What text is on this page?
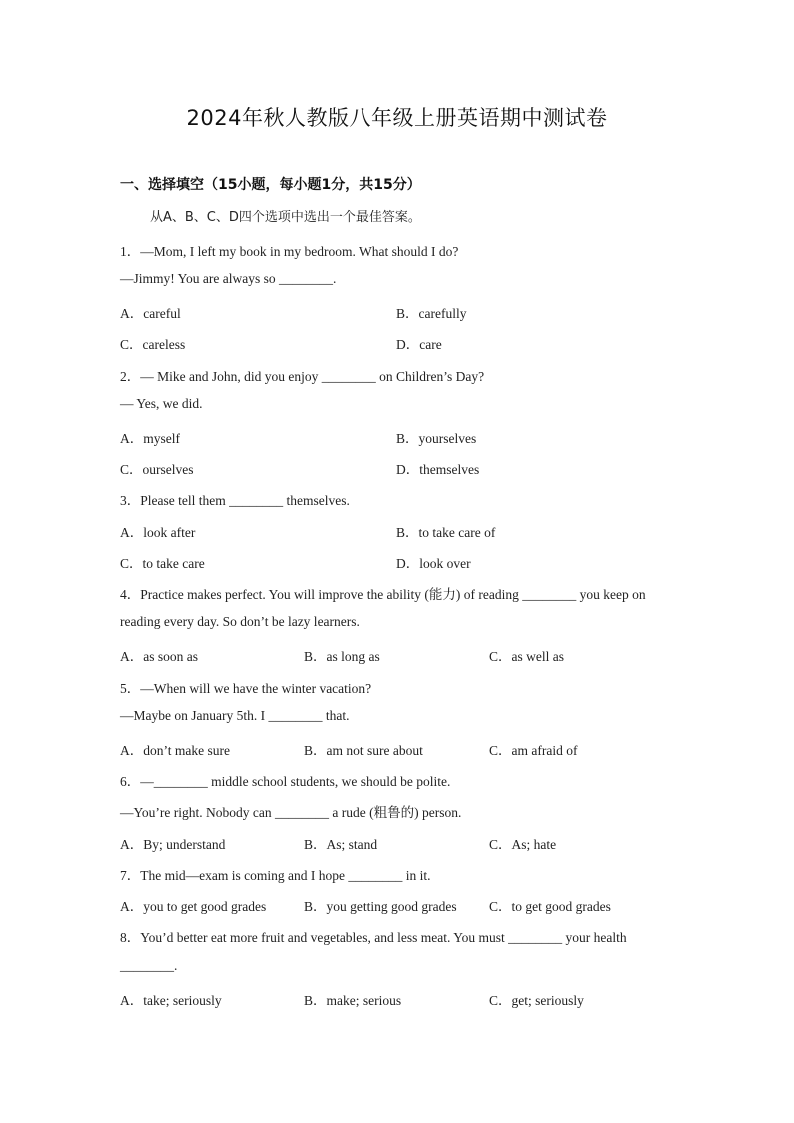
2024年秋人教版八年级上册英语期中测试卷
一、选择填空（15小题，每小题1分，共15分）
从A、B、C、D四个选项中选出一个最佳答案。
1．—Mom, I left my book in my bedroom. What should I do?
—Jimmy! You are always so ________.
A．careful	B．carefully
C．careless	D．care
2．— Mike and John, did you enjoy ________ on Children’s Day?
— Yes, we did.
A．myself	B．yourselves
C．ourselves	D．themselves
3．Please tell them ________ themselves.
A．look after	B．to take care of
C．to take care	D．look over
4．Practice makes perfect. You will improve the ability (能力) of reading ________ you keep on
reading every day. So don’t be lazy learners.
A．as soon as	B．as long as	C．as well as
5．—When will we have the winter vacation?
—Maybe on January 5th. I ________ that.
A．don’t make sure	B．am not sure about	C．am afraid of
6．—________ middle school students, we should be polite.
—You’re right. Nobody can ________ a rude (粗鲁的) person.
A．By; understand	B．As; stand	C．As; hate
7．The mid—exam is coming and I hope ________ in it.
A．you to get good grades	B．you getting good grades C．to get good grades
8．You’d better eat more fruit and vegetables, and less meat. You must ________ your health
________.
A．take; seriously	B．make; serious	C．get; seriously
